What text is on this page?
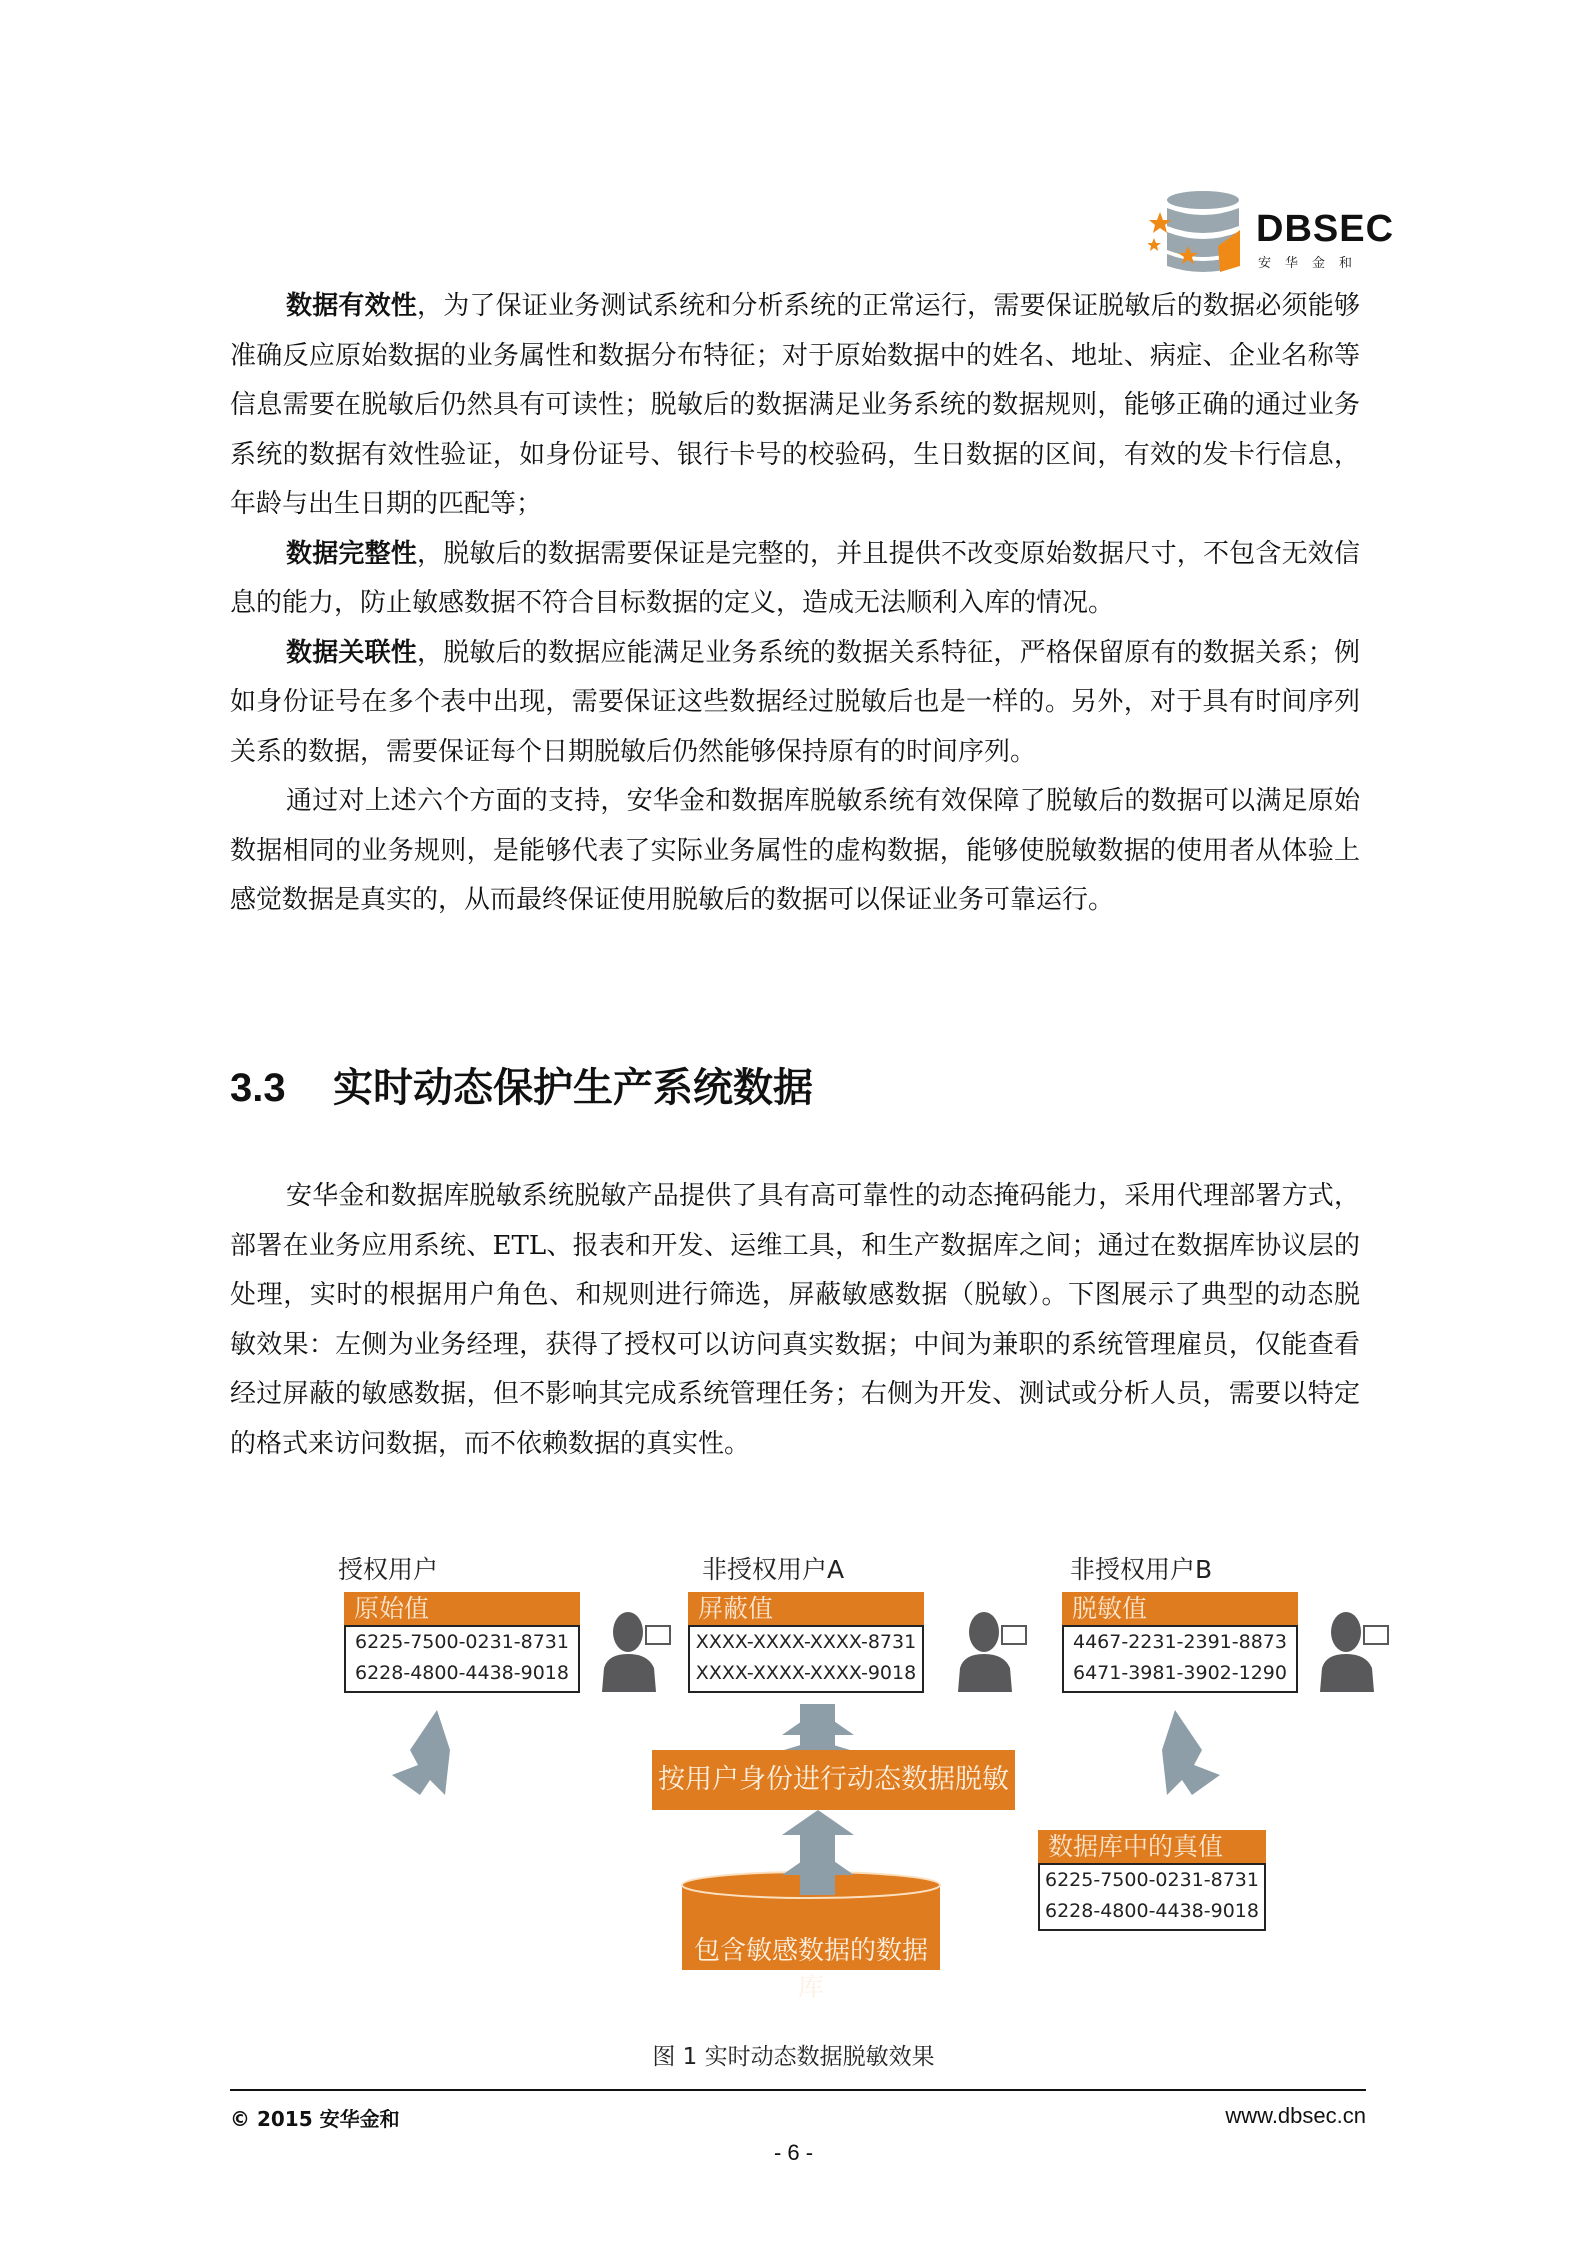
DBSEC
安华金和

数据有效性，为了保证业务测试系统和分析系统的正常运行，需要保证脱敏后的数据必须能够准确反应原始数据的业务属性和数据分布特征；对于原始数据中的姓名、地址、病症、企业名称等信息需要在脱敏后仍然具有可读性；脱敏后的数据满足业务系统的数据规则，能够正确的通过业务系统的数据有效性验证，如身份证号、银行卡号的校验码，生日数据的区间，有效的发卡行信息，年龄与出生日期的匹配等；

数据完整性，脱敏后的数据需要保证是完整的，并且提供不改变原始数据尺寸，不包含无效信息的能力，防止敏感数据不符合目标数据的定义，造成无法顺利入库的情况。

数据关联性，脱敏后的数据应能满足业务系统的数据关系特征，严格保留原有的数据关系；例如身份证号在多个表中出现，需要保证这些数据经过脱敏后也是一样的。另外，对于具有时间序列关系的数据，需要保证每个日期脱敏后仍然能够保持原有的时间序列。

通过对上述六个方面的支持，安华金和数据库脱敏系统有效保障了脱敏后的数据可以满足原始数据相同的业务规则，是能够代表了实际业务属性的虚构数据，能够使脱敏数据的使用者从体验上感觉数据是真实的，从而最终保证使用脱敏后的数据可以保证业务可靠运行。

3.3 实时动态保护生产系统数据

安华金和数据库脱敏系统脱敏产品提供了具有高可靠性的动态掩码能力，采用代理部署方式，部署在业务应用系统、ETL、报表和开发、运维工具，和生产数据库之间；通过在数据库协议层的处理，实时的根据用户角色、和规则进行筛选，屏蔽敏感数据（脱敏）。下图展示了典型的动态脱敏效果：左侧为业务经理，获得了授权可以访问真实数据；中间为兼职的系统管理雇员，仅能查看经过屏蔽的敏感数据，但不影响其完成系统管理任务；右侧为开发、测试或分析人员，需要以特定的格式来访问数据，而不依赖数据的真实性。

授权用户
原始值
6225-7500-0231-8731
6228-4800-4438-9018
非授权用户A
屏蔽值
XXXX-XXXX-XXXX-8731
XXXX-XXXX-XXXX-9018
非授权用户B
脱敏值
4467-2231-2391-8873
6471-3981-3902-1290
按用户身份进行动态数据脱敏
包含敏感数据的数据库
数据库中的真值
6225-7500-0231-8731
6228-4800-4438-9018
图 1 实时动态数据脱敏效果
© 2015 安华金和	www.dbsec.cn
- 6 -
